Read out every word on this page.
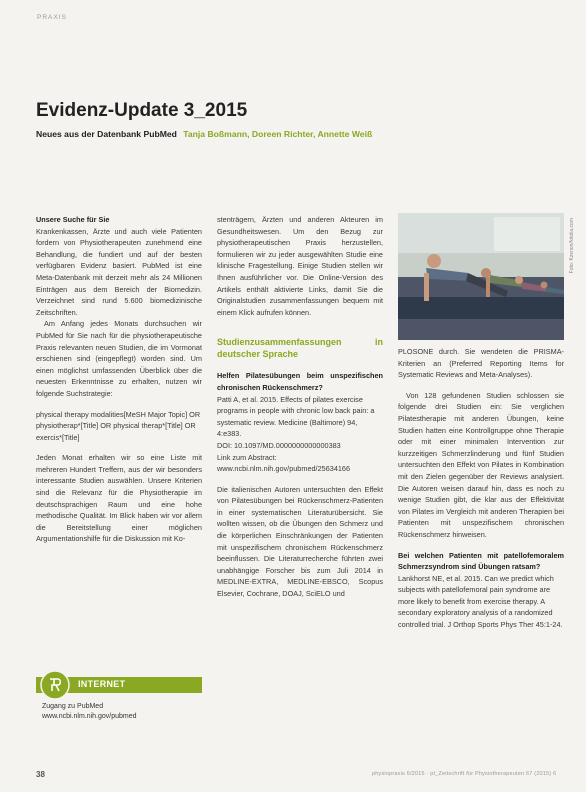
PRAXIS
Evidenz-Update 3_2015
Neues aus der Datenbank PubMed Tanja Boßmann, Doreen Richter, Annette Weiß

Unsere Suche für Sie

Krankenkassen, Ärzte und auch viele Patienten fordern von Physiotherapeuten zunehmend eine Behandlung, die fundiert und auf der besten verfügbaren Evidenz basiert. PubMed ist eine Meta-Datenbank mit derzeit mehr als 24 Millionen Einträgen aus dem Bereich der Biomedizin. Verzeichnet sind rund 5.600 biomedizinische Zeitschriften.

Am Anfang jedes Monats durchsuchen wir PubMed für Sie nach für die physiotherapeutische Praxis relevanten neuen Studien, die im Vormonat erschienen sind (eingepflegt) worden sind. Um einen möglichst umfassenden Überblick über die neuesten Erkenntnisse zu erhalten, nutzen wir folgende Suchstrategie:

physical therapy modalities[MeSH Major Topic] OR physiotherap*[Title] OR physical therap*[Title] OR exercis*[Title]

Jeden Monat erhalten wir so eine Liste mit mehreren Hundert Treffern, aus der wir besonders interessante Studien auswählen. Unsere Kriterien sind die Relevanz für die Physiotherapie im deutschsprachigen Raum und eine hohe methodische Qualität. Im Blick haben wir vor allem die Bereitstellung einer möglichen Argumentationshilfe für die Diskussion mit Ko-

stenträgern, Ärzten und anderen Akteuren im Gesundheitswesen. Um den Bezug zur physiotherapeutischen Praxis herzustellen, formulieren wir zu jeder ausgewählten Studie eine klinische Fragestellung. Einige Studien stellen wir Ihnen ausführlicher vor. Die Online-Version des Artikels enthält aktivierte Links, damit Sie die Originalstudien zusammenfassungen bequem mit einem Klick aufrufen können.

Studienzusammenfassungen in deutscher Sprache

Helfen Pilatesübungen beim unspezifischen chronischen Rückenschmerz?

Patti A, et al. 2015. Effects of pilates exercise programs in people with chronic low back pain: a systematic review. Medicine (Baltimore) 94, 4:e383.

DOI: 10.1097/MD.0000000000000383

Link zum Abstract: www.ncbi.nlm.nih.gov/pubmed/25634166

Die italienischen Autoren untersuchten den Effekt von Pilatesübungen bei Rückenschmerz-Patienten in einer systematischen Literaturübersicht. Sie wollten wissen, ob die Übungen den Schmerz und die körperlichen Einschränkungen der Patienten mit unspezifischem chronischem Rückenschmerz beeinflussen. Die Literaturrecherche führten zwei unabhängige Forscher bis zum Juli 2014 in MEDLINE-EXTRA, MEDLINE-EBSCO, Scopus Elsevier, Cochrane, DOAJ, SciELO und

Foto: Kzenon/fotolia.com

PLOSONE durch. Sie wendeten die PRISMA-Kriterien an (Preferred Reporting Items for Systematic Reviews and Meta-Analyses).

Von 128 gefundenen Studien schlossen sie folgende drei Studien ein: Sie verglichen Pilatestherapie mit anderen Übungen, keine Studien hatten eine Kontrollgruppe ohne Therapie oder mit einer minimalen Intervention zur kurzzeitigen Schmerzlinderung und fünf Studien untersuchten den Effekt von Pilates in Kombination mit den Zielen gegenüber der Reviews analysiert. Die Autoren weisen darauf hin, dass es noch zu wenige Studien gibt, die klar aus der Effektivität von Pilates im Vergleich mit anderen Therapien bei Patienten mit unspezifischem chronischen Rückenschmerz hinweisen.

Bei welchen Patienten mit patellofemoralem Schmerzsyndrom sind Übungen ratsam?

Lankhorst NE, et al. 2015. Can we predict which subjects with patellofemoral pain syndrome are more likely to benefit from exercise therapy. A secondary exploratory analysis of a randomized controlled trial. J Orthop Sports Phys Ther 45:1-24.

INTERNET
Zugang zu PubMed
www.ncbi.nlm.nih.gov/pubmed
38	physiopraxis 6/2015 · pt_Zeitschrift für Physiotherapeuten 67 (2015) 6
